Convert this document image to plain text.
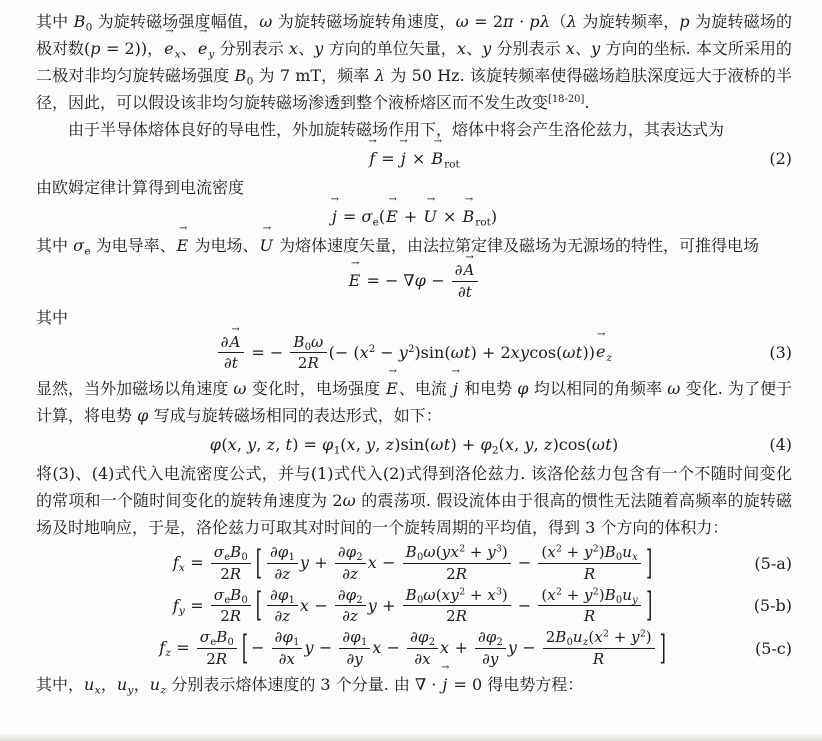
其中 $B_0$ 为旋转磁场强度幅值，ω 为旋转磁场旋转角速度，ω = 2π · pλ（λ 为旋转频率，p 为旋转磁场的极对数(p = 2))，$e \to_x$、$e \to_y$ 分别表示 x、y 方向的单位矢量，x、y 分别表示 x、y 方向的坐标. 本文所采用的二极对非均匀旋转磁场强度 $B_0$ 为 7 mT，频率 λ 为 50 Hz. 该旋转频率使得磁场趋肤深度远大于液桥的半径，因此，可以假设该非均匀旋转磁场渗透到整个液桥熔区而不发生改变[18-20].

由于半导体熔体良好的导电性，外加旋转磁场作用下，熔体中将会产生洛伦兹力，其表达式为

f → = j → × $B \to_{rot}$	(2)

由欧姆定律计算得到电流密度

j → = $\sigma_e(E$ → + U → × $B \to_{rot}$)

其中 $\sigma_e$ 为电导率、E → 为电场、U → 为熔体速度矢量，由法拉第定律及磁场为无源场的特性，可推得电场

E → = − $\nabla\varphi - \frac{\partial A \to}{\partial t}$

其中

$\frac{\partial A \to}{\partial t}$ = − $\frac{B_0\omega}{2R}$ (− $(x^2 - y^2)\sin(\omega t) + 2xycos(\omega t))e \to_z$	(3)

显然，当外加磁场以角速度 ω 变化时，电场强度 E →、电流 j → 和电势 φ 均以相同的角频率 ω 变化. 为了便于计算，将电势 φ 写成与旋转磁场相同的表达形式，如下：

φ(x, y, z, $t) = \varphi_1(x$, y, $z)\sin(\omega t) + \varphi_2(x$, y, z)cos(ωt)	(4)

将(3)、(4)式代入电流密度公式，并与(1)式代入(2)式得到洛伦兹力. 该洛伦兹力包含有一个不随时间变化的常项和一个随时间变化的旋转角速度为 2ω 的震荡项. 假设流体由于很高的惯性无法随着高频率的旋转磁场及时地响应，于是，洛伦兹力可取其对时间的一个旋转周期的平均值，得到 3 个方向的体积力：

$f_x = \frac{\sigma_eB_0}{2R}$ [ $\frac{\partial\varphi_1}{\partial z}$ $y + \frac{\partial\varphi_2}{\partial z}$ $x - \frac{B_0\omega(yx^2 + y^3)}{2R} - \frac{(x^2 + y^2)B_0u_x}{R}$ ]	(5-a)
$f_y = \frac{\sigma_eB_0}{2R}$ [ $\frac{\partial\varphi_1}{\partial z}$ $x - \frac{\partial\varphi_2}{\partial z}$ $y + \frac{B_0\omega(xy^2 + x^3)}{2R} - \frac{(x^2 + y^2)B_0u_y}{R}$ ]	(5-b)
$f_z = \frac{\sigma_eB_0}{2R}$ [ − $\frac{\partial\varphi_1}{\partial x}$ $y - \frac{\partial\varphi_1}{\partial y}$ $x - \frac{\partial\varphi_2}{\partial x}$ $x + \frac{\partial\varphi_2}{\partial y}$ $y - \frac{2B_0u_z(x^2 + y^2)}{R}$ ]	(5-c)

其中，$u_x$，$u_y$，$u_z$ 分别表示熔体速度的 3 个分量. 由 ∇ · j → = 0 得电势方程：
